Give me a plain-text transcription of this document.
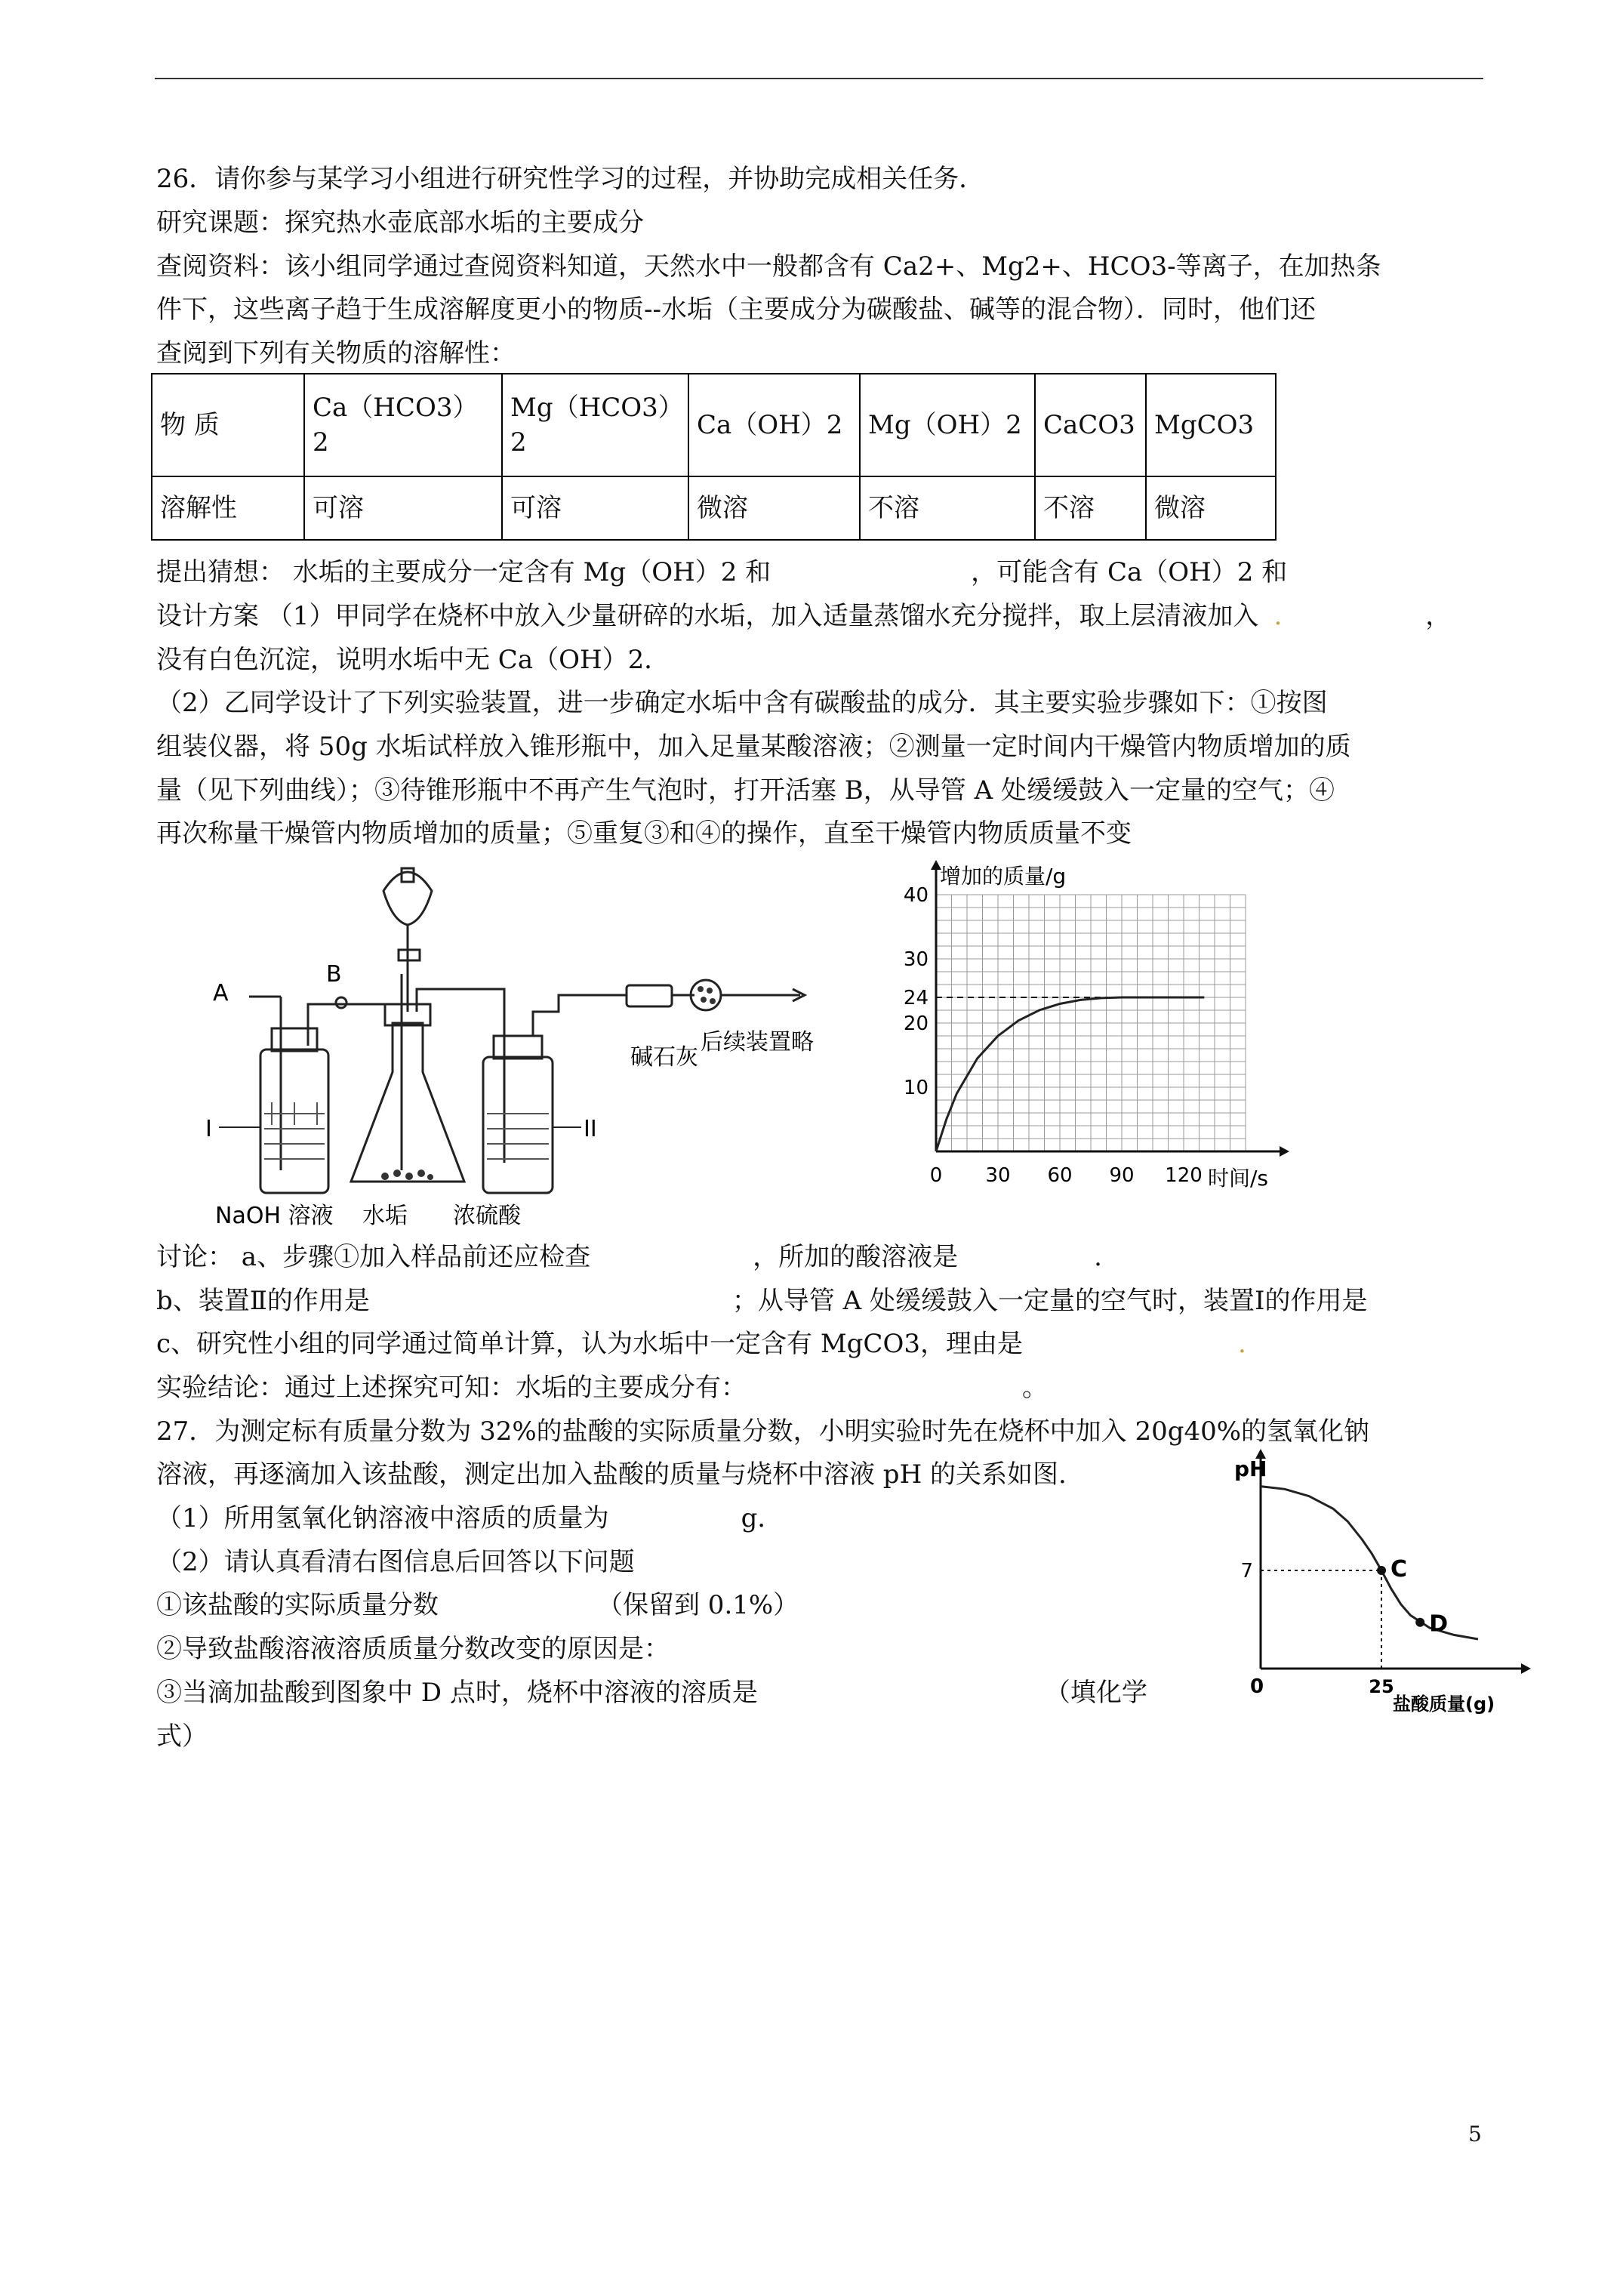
26．请你参与某学习小组进行研究性学习的过程，并协助完成相关任务．

研究课题：探究热水壶底部水垢的主要成分

查阅资料：该小组同学通过查阅资料知道，天然水中一般都含有 Ca2+、Mg2+、HCO3-等离子，在加热条

件下，这些离子趋于生成溶解度更小的物质--水垢（主要成分为碳酸盐、碱等的混合物）．同时，他们还

查阅到下列有关物质的溶解性：

物 质	Ca（HCO3）2	Mg（HCO3）2	Ca（OH）2	Mg（OH）2	CaCO3	MgCO3
溶解性	可溶	可溶	微溶	不溶	不溶	微溶

提出猜想： 水垢的主要成分一定含有 Mg（OH）2 和	，可能含有 Ca（OH）2 和

设计方案 （1）甲同学在烧杯中放入少量研碎的水垢，加入适量蒸馏水充分搅拌，取上层清液加入 .	，

没有白色沉淀，说明水垢中无 Ca（OH）2．

（2）乙同学设计了下列实验装置，进一步确定水垢中含有碳酸盐的成分．其主要实验步骤如下：①按图

组装仪器，将 50g 水垢试样放入锥形瓶中，加入足量某酸溶液；②测量一定时间内干燥管内物质增加的质

量（见下列曲线）；③待锥形瓶中不再产生气泡时，打开活塞 B，从导管 A 处缓缓鼓入一定量的空气；④

再次称量干燥管内物质增加的质量；⑤重复③和④的操作，直至干燥管内物质质量不变

A
B
I	II
NaOH 溶液 水垢 浓硫酸
碱石灰
后续装置略
0 30 60 90 120
10
20
24
30
40
增加的质量/g
时间/s

讨论： a、步骤①加入样品前还应检查	，所加的酸溶液是	.

b、装置Ⅱ的作用是	；从导管 A 处缓缓鼓入一定量的空气时，装置Ⅰ的作用是

c、研究性小组的同学通过简单计算，认为水垢中一定含有 MgCO3，理由是	.

实验结论：通过上述探究可知：水垢的主要成分有：	。

27．为测定标有质量分数为 32%的盐酸的实际质量分数，小明实验时先在烧杯中加入 20g40%的氢氧化钠

溶液，再逐滴加入该盐酸，测定出加入盐酸的质量与烧杯中溶液 pH 的关系如图.

（1）所用氢氧化钠溶液中溶质的质量为	g．

（2）请认真看清右图信息后回答以下问题

①该盐酸的实际质量分数	（保留到 0.1%）

②导致盐酸溶液溶质质量分数改变的原因是：

③当滴加盐酸到图象中 D 点时，烧杯中溶液的溶质是	（填化学

式）

0	25
7	C
D
pH
盐酸质量(g)
5
